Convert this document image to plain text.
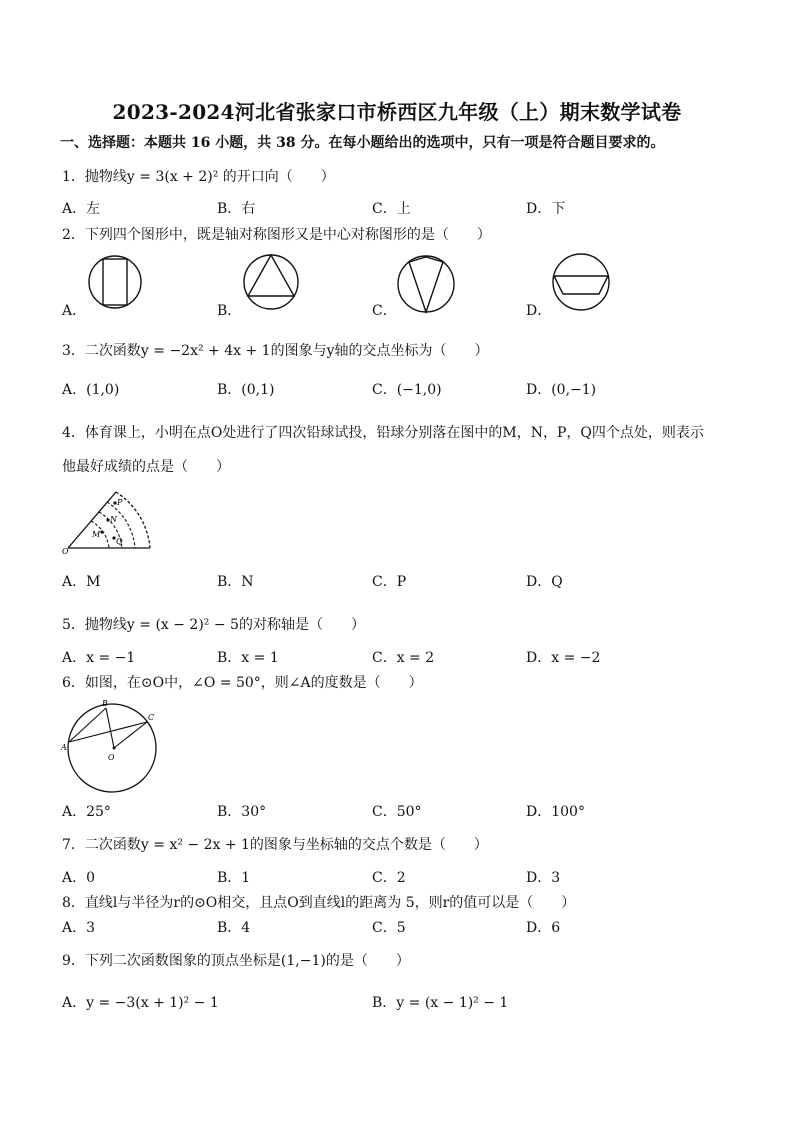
2023-2024河北省张家口市桥西区九年级（上）期末数学试卷
一、选择题：本题共 16 小题，共 38 分。在每小题给出的选项中，只有一项是符合题目要求的。
1．抛物线y = 3(x + 2)² 的开口向（　　）
A．左	B．右	C．上	D．下
2．下列四个图形中，既是轴对称图形又是中心对称图形的是（　　）
A．	B．	C．	D．
3．二次函数y = −2x² + 4x + 1的图象与y轴的交点坐标为（　　）
A．(1,0)	B．(0,1)	C．(−1,0)	D．(0,−1)
4．体育课上，小明在点O处进行了四次铅球试投，铅球分别落在图中的M，N，P，Q四个点处，则表示
他最好成绩的点是（　　）
O
P
N
M
Q
A．M	B．N	C．P	D．Q
5．抛物线y = (x − 2)² − 5的对称轴是（　　）
A．x = −1	B．x = 1	C．x = 2	D．x = −2
6．如图，在⊙O中，∠O = 50°，则∠A的度数是（　　）
A
B
C
O
A．25°	B．30°	C．50°	D．100°
7．二次函数y = x² − 2x + 1的图象与坐标轴的交点个数是（　　）
A．0	B．1	C．2	D．3
8．直线l与半径为r的⊙O相交，且点O到直线l的距离为 5，则r的值可以是（　　）
A．3	B．4	C．5	D．6
9．下列二次函数图象的顶点坐标是(1,−1)的是（　　）
A．y = −3(x + 1)² − 1	B．y = (x − 1)² − 1
